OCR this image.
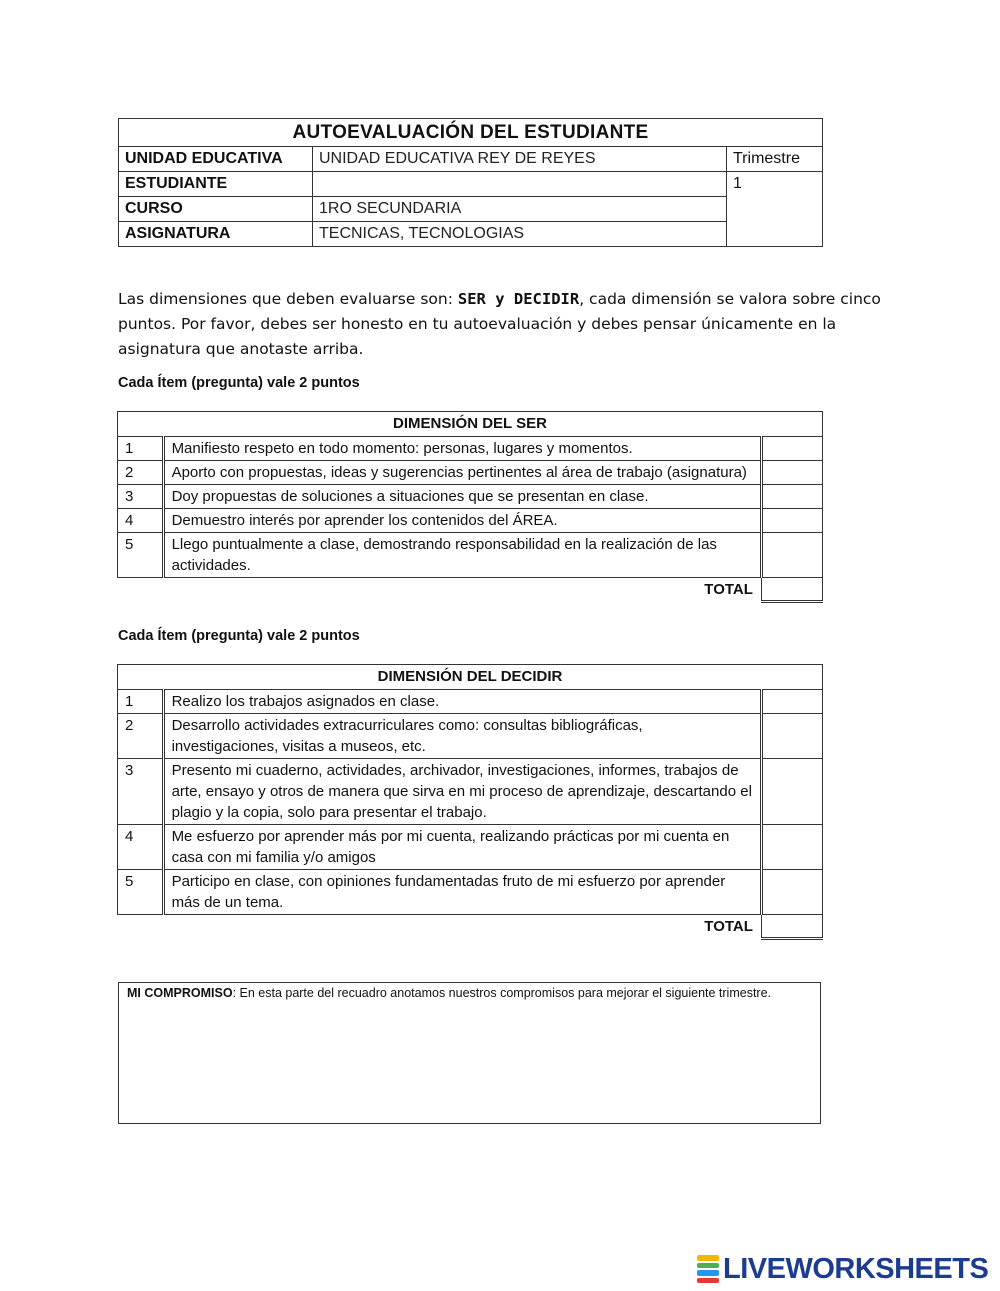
AUTOEVALUACIÓN DEL ESTUDIANTE		
UNIDAD EDUCATIVA	UNIDAD EDUCATIVA REY DE REYES	Trimestre
ESTUDIANTE		1
CURSO	1RO SECUNDARIA	
ASIGNATURA	TECNICAS, TECNOLOGIAS	
Las dimensiones que deben evaluarse son: SER y DECIDIR, cada dimensión se valora sobre cinco puntos. Por favor, debes ser honesto en tu autoevaluación y debes pensar únicamente en la asignatura que anotaste arriba.
Cada Ítem (pregunta) vale 2 puntos
DIMENSIÓN DEL SER		
1	Manifiesto respeto en todo momento: personas, lugares y momentos.	
2	Aporto con propuestas, ideas y sugerencias pertinentes al área de trabajo (asignatura)	
3	Doy propuestas de soluciones a situaciones que se presentan en clase.	
4	Demuestro interés por aprender los contenidos del ÁREA.	
5	Llego puntualmente a clase, demostrando responsabilidad en la realización de las actividades.	
TOTAL		
Cada Ítem (pregunta) vale 2 puntos
DIMENSIÓN DEL DECIDIR		
1	Realizo los trabajos asignados en clase.	
2	Desarrollo actividades extracurriculares como: consultas bibliográficas, investigaciones, visitas a museos, etc.	
3	Presento mi cuaderno, actividades, archivador, investigaciones, informes, trabajos de arte, ensayo y otros de manera que sirva en mi proceso de aprendizaje, descartando el plagio y la copia, solo para presentar el trabajo.	
4	Me esfuerzo por aprender más por mi cuenta, realizando prácticas por mi cuenta en casa con mi familia y/o amigos	
5	Participo en clase, con opiniones fundamentadas fruto de mi esfuerzo por aprender más de un tema.	
TOTAL		
MI COMPROMISO: En esta parte del recuadro anotamos nuestros compromisos para mejorar el siguiente trimestre.
LIVEWORKSHEETS
